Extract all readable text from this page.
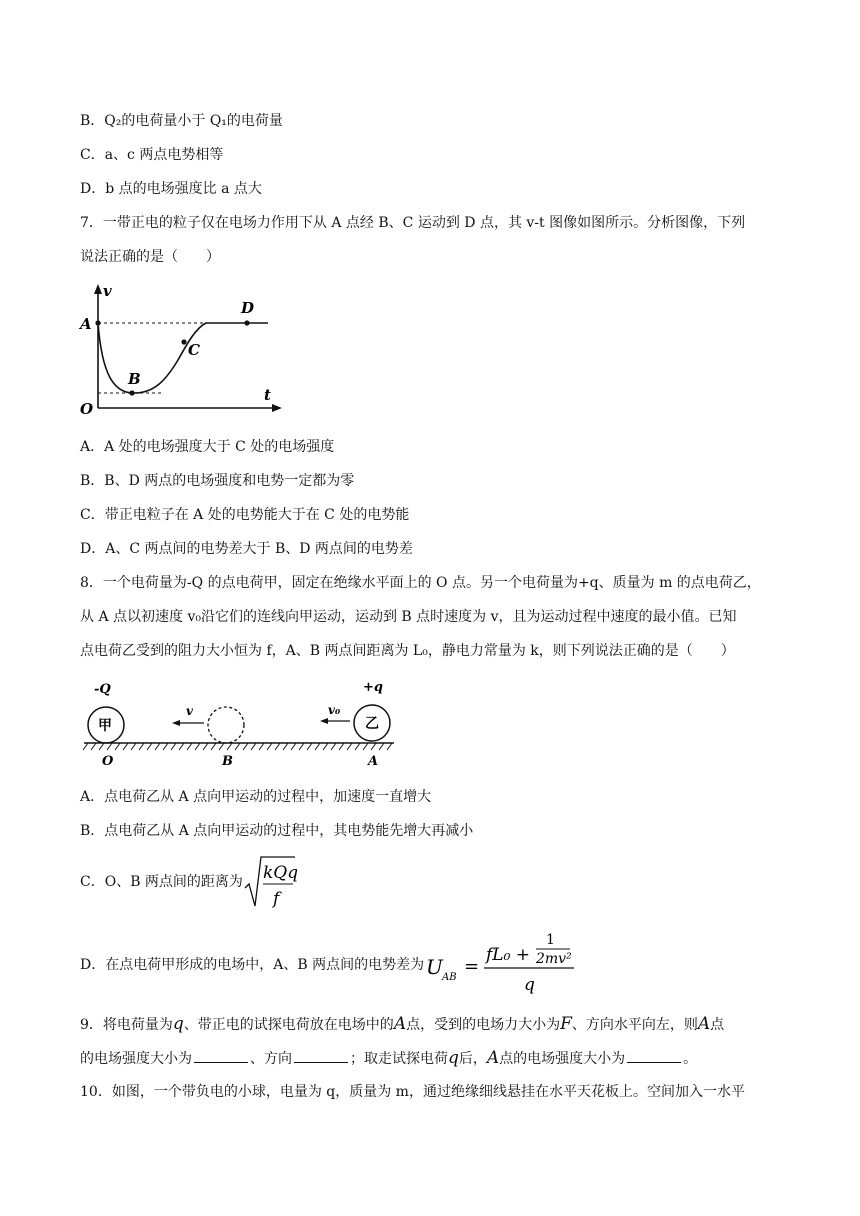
B．Q₂的电荷量小于 Q₁的电荷量
C．a、c 两点电势相等
D．b 点的电场强度比 a 点大
7．一带正电的粒子仅在电场力作用下从 A 点经 B、C 运动到 D 点，其 v-t 图像如图所示。分析图像，下列
说法正确的是（　　）
v
A
B
C
D
O
t
A．A 处的电场强度大于 C 处的电场强度
B．B、D 两点的电场强度和电势一定都为零
C．带正电粒子在 A 处的电势能大于在 C 处的电势能
D．A、C 两点间的电势差大于 B、D 两点间的电势差
8．一个电荷量为-Q 的点电荷甲，固定在绝缘水平面上的 O 点。另一个电荷量为+q、质量为 m 的点电荷乙，
从 A 点以初速度 v₀沿它们的连线向甲运动，运动到 B 点时速度为 v，且为运动过程中速度的最小值。已知
点电荷乙受到的阻力大小恒为 f，A、B 两点间距离为 L₀，静电力常量为 k，则下列说法正确的是（　　）
甲
-Q
v
乙
+q
v₀
O	B	A
A．点电荷乙从 A 点向甲运动的过程中，加速度一直增大
B．点电荷乙从 A 点向甲运动的过程中，其电势能先增大再减小
C．O、B 两点间的距离为 kQq
f
D．在点电荷甲形成的电场中，A、B 两点间的电势差为 U AB
=
fL₀ +
1
2mv²
q
9．将电荷量为q、带正电的试探电荷放在电场中的A点，受到的电场力大小为F、方向水平向左，则A点
的电场强度大小为	、方向	；取走试探电荷q后，A点的电场强度大小为	。
10．如图，一个带负电的小球，电量为 q，质量为 m，通过绝缘细线悬挂在水平天花板上。空间加入一水平
